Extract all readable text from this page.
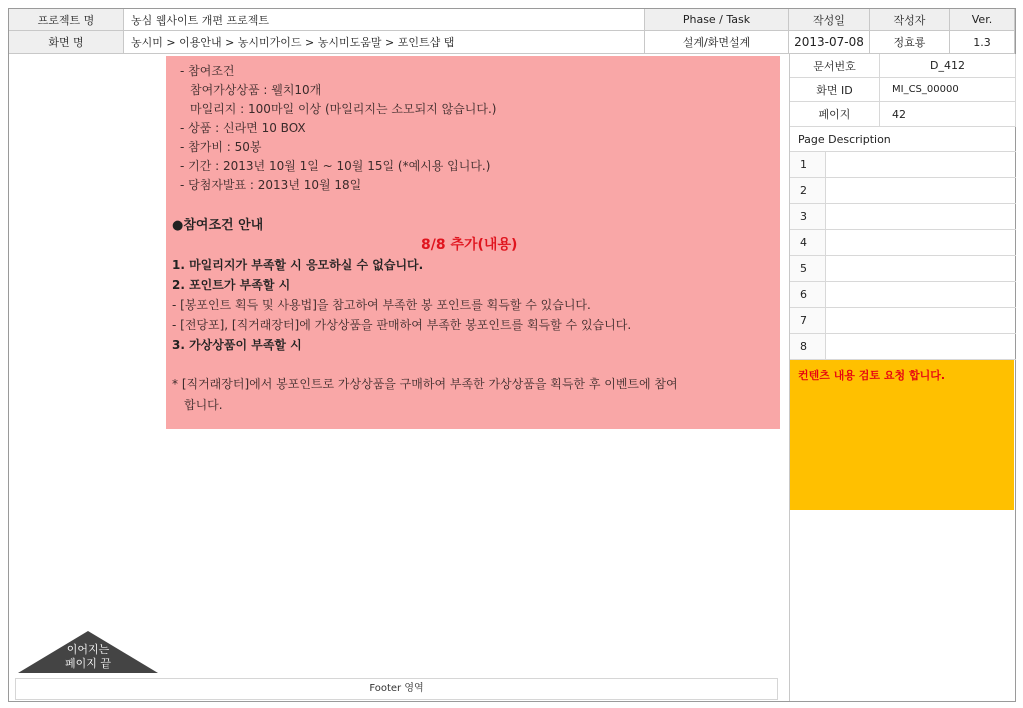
프로젝트 명	농심 웹사이트 개편 프로젝트	Phase / Task	작성일	작성자	Ver.
화면 명	농시미 > 이용안내 > 농시미가이드 > 농시미도움말 > 포인트샵 탭	설계/화면설계	2013-07-08	정효룡	1.3
문서번호	D_412
화면 ID	MI_CS_00000
페이지	42
Page Description
1
2
3
4
5
6
7
8
컨텐츠 내용 검토 요청 합니다.
- 참여조건
참여가상상품 : 웰치10개
마일리지 : 100마일 이상 (마일리지는 소모되지 않습니다.)
- 상품 : 신라면 10 BOX
- 참가비 : 50봉
- 기간 : 2013년 10월 1일 ~ 10월 15일 (*예시용 입니다.)
- 당첨자발표 : 2013년 10월 18일
●참여조건 안내
8/8 추가(내용)
1. 마일리지가 부족할 시 응모하실 수 없습니다.
2. 포인트가 부족할 시
- [봉포인트 획득 및 사용법]을 참고하여 부족한 봉 포인트를 획득할 수 있습니다.
- [전당포], [직거래장터]에 가상상품을 판매하여 부족한 봉포인트를 획득할 수 있습니다.
3. 가상상품이 부족할 시
* [직거래장터]에서 봉포인트로 가상상품을 구매하여 부족한 가상상품을 획득한 후 이벤트에 참여
합니다.
이어지는
페이지 끝
Footer 영역
